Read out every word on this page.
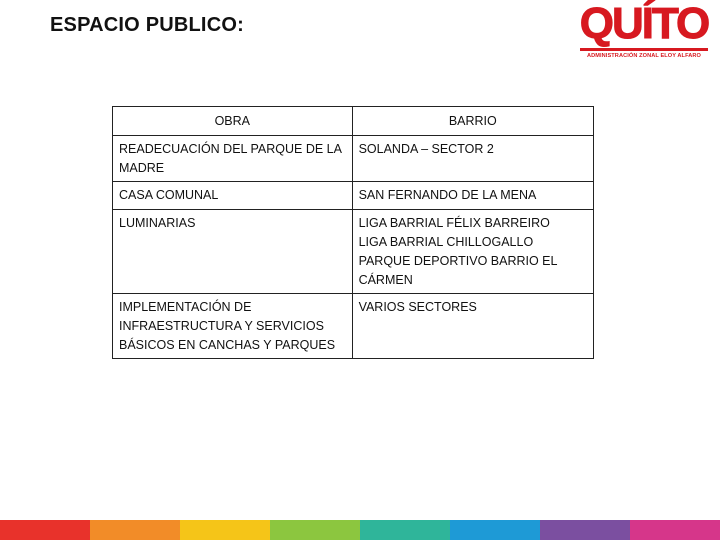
ESPACIO PUBLICO:	QUÍTO
ADMINISTRACIÓN ZONAL ELOY ALFARO
OBRA	BARRIO
READECUACIÓN DEL PARQUE DE LA MADRE	SOLANDA – SECTOR 2

CASA COMUNAL	SAN FERNANDO DE LA MENA

LUMINARIAS	LIGA BARRIAL FÉLIX BARREIRO
LIGA BARRIAL CHILLOGALLO
PARQUE DEPORTIVO BARRIO EL CÁRMEN

IMPLEMENTACIÓN DE INFRAESTRUCTURA Y SERVICIOS BÁSICOS EN CANCHAS Y PARQUES	VARIOS SECTORES
